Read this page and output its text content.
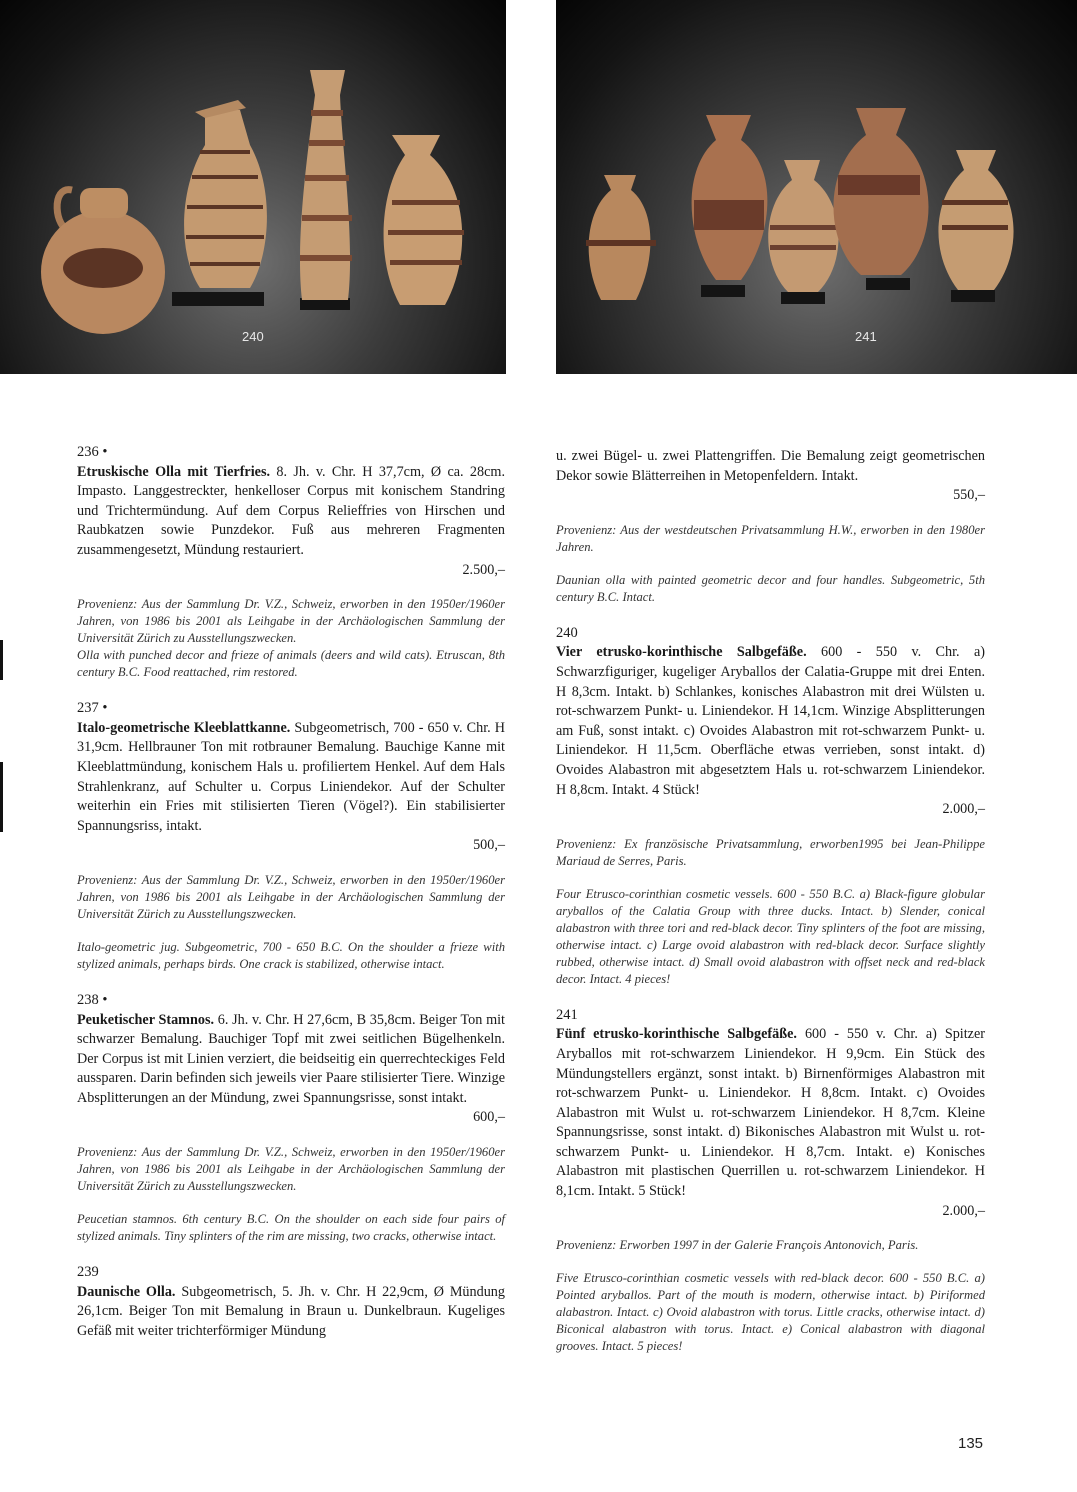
240	241
236 •
Etruskische Olla mit Tierfries. 8. Jh. v. Chr. H 37,7cm, Ø ca. 28cm. Impasto. Langgestreckter, henkelloser Corpus mit konischem Standring und Trichtermündung. Auf dem Corpus Relieffries von Hirschen und Raubkatzen sowie Punzdekor. Fuß aus mehreren Fragmenten zusammengesetzt, Mündung restauriert.
2.500,–
Provenienz: Aus der Sammlung Dr. V.Z., Schweiz, erworben in den 1950er/1960er Jahren, von 1986 bis 2001 als Leihgabe in der Archäologischen Sammlung der Universität Zürich zu Ausstellungszwecken.
Olla with punched decor and frieze of animals (deers and wild cats). Etruscan, 8th century B.C. Food reattached, rim restored.
237 •
Italo-geometrische Kleeblattkanne. Subgeometrisch, 700 - 650 v. Chr. H 31,9cm. Hellbrauner Ton mit rotbrauner Bemalung. Bauchige Kanne mit Kleeblattmündung, konischem Hals u. profiliertem Henkel. Auf dem Hals Strahlenkranz, auf Schulter u. Corpus Liniendekor. Auf der Schulter weiterhin ein Fries mit stilisierten Tieren (Vögel?). Ein stabilisierter Spannungsriss, intakt.
500,–
Provenienz: Aus der Sammlung Dr. V.Z., Schweiz, erworben in den 1950er/1960er Jahren, von 1986 bis 2001 als Leihgabe in der Archäologischen Sammlung der Universität Zürich zu Ausstellungszwecken.
Italo-geometric jug. Subgeometric, 700 - 650 B.C. On the shoulder a frieze with stylized animals, perhaps birds. One crack is stabilized, otherwise intact.
238 •
Peuketischer Stamnos. 6. Jh. v. Chr. H 27,6cm, B 35,8cm. Beiger Ton mit schwarzer Bemalung. Bauchiger Topf mit zwei seitlichen Bügelhenkeln. Der Corpus ist mit Linien verziert, die beidseitig ein querrechteckiges Feld aussparen. Darin befinden sich jeweils vier Paare stilisierter Tiere. Winzige Absplitterungen an der Mündung, zwei Spannungsrisse, sonst intakt.
600,–
Provenienz: Aus der Sammlung Dr. V.Z., Schweiz, erworben in den 1950er/1960er Jahren, von 1986 bis 2001 als Leihgabe in der Archäologischen Sammlung der Universität Zürich zu Ausstellungszwecken.
Peucetian stamnos. 6th century B.C. On the shoulder on each side four pairs of stylized animals. Tiny splinters of the rim are missing, two cracks, otherwise intact.
239
Daunische Olla. Subgeometrisch, 5. Jh. v. Chr. H 22,9cm, Ø Mündung 26,1cm. Beiger Ton mit Bemalung in Braun u. Dunkelbraun. Kugeliges Gefäß mit weiter trichterförmiger Mündung
u. zwei Bügel- u. zwei Plattengriffen. Die Bemalung zeigt geometrischen Dekor sowie Blätterreihen in Metopenfeldern. Intakt.
550,–
Provenienz: Aus der westdeutschen Privatsammlung H.W., erworben in den 1980er Jahren.
Daunian olla with painted geometric decor and four handles. Subgeometric, 5th century B.C. Intact.
240
Vier etrusko-korinthische Salbgefäße. 600 - 550 v. Chr. a) Schwarzfiguriger, kugeliger Aryballos der Calatia-Gruppe mit drei Enten. H 8,3cm. Intakt. b) Schlankes, konisches Alabastron mit drei Wülsten u. rot-schwarzem Punkt- u. Liniendekor. H 14,1cm. Winzige Absplitterungen am Fuß, sonst intakt. c) Ovoides Alabastron mit rot-schwarzem Punkt- u. Liniendekor. H 11,5cm. Oberfläche etwas verrieben, sonst intakt. d) Ovoides Alabastron mit abgesetztem Hals u. rot-schwarzem Liniendekor. H 8,8cm. Intakt. 4 Stück!
2.000,–
Provenienz: Ex französische Privatsammlung, erworben1995 bei Jean-Philippe Mariaud de Serres, Paris.
Four Etrusco-corinthian cosmetic vessels. 600 - 550 B.C. a) Black-figure globular aryballos of the Calatia Group with three ducks. Intact. b) Slender, conical alabastron with three tori and red-black decor. Tiny splinters of the foot are missing, otherwise intact. c) Large ovoid alabastron with red-black decor. Surface slightly rubbed, otherwise intact. d) Small ovoid alabastron with offset neck and red-black decor. Intact. 4 pieces!
241
Fünf etrusko-korinthische Salbgefäße. 600 - 550 v. Chr. a) Spitzer Aryballos mit rot-schwarzem Liniendekor. H 9,9cm. Ein Stück des Mündungstellers ergänzt, sonst intakt. b) Birnenförmiges Alabastron mit rot-schwarzem Punkt- u. Liniendekor. H 8,8cm. Intakt. c) Ovoides Alabastron mit Wulst u. rot-schwarzem Liniendekor. H 8,7cm. Kleine Spannungsrisse, sonst intakt. d) Bikonisches Alabastron mit Wulst u. rot-schwarzem Punkt- u. Liniendekor. H 8,7cm. Intakt. e) Konisches Alabastron mit plastischen Querrillen u. rot-schwarzem Liniendekor. H 8,1cm. Intakt. 5 Stück!
2.000,–
Provenienz: Erworben 1997 in der Galerie François Antonovich, Paris.
Five Etrusco-corinthian cosmetic vessels with red-black decor. 600 - 550 B.C. a) Pointed aryballos. Part of the mouth is modern, otherwise intact. b) Piriformed alabastron. Intact. c) Ovoid alabastron with torus. Little cracks, otherwise intact. d) Biconical alabastron with torus. Intact. e) Conical alabastron with diagonal grooves. Intact. 5 pieces!
135
